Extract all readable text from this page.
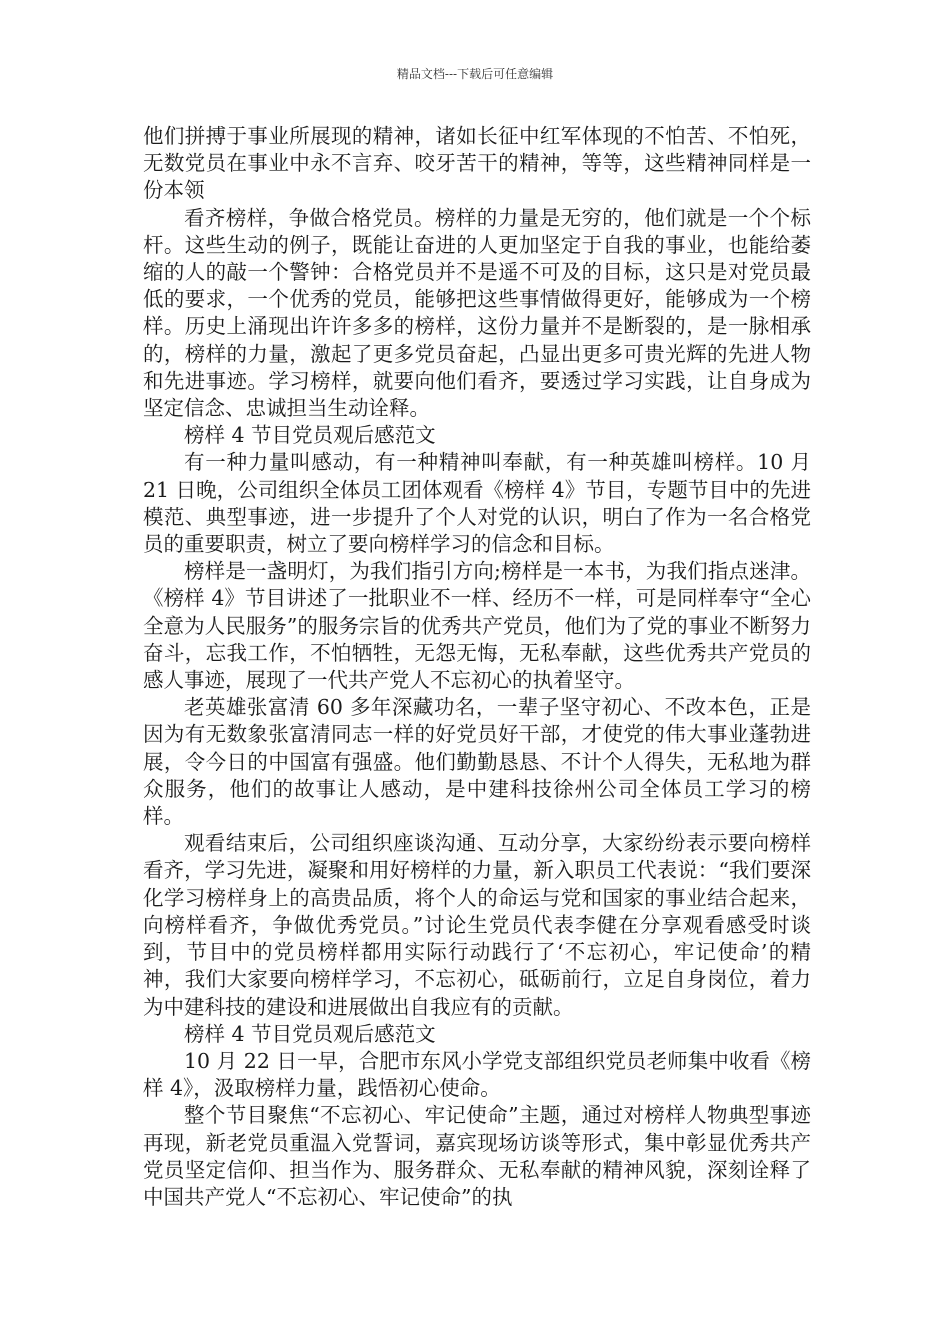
精品文档---下载后可任意编辑

他们拼搏于事业所展现的精神，诸如长征中红军体现的不怕苦、不怕死，无数党员在事业中永不言弃、咬牙苦干的精神，等等，这些精神同样是一份本领

看齐榜样，争做合格党员。榜样的力量是无穷的，他们就是一个个标杆。这些生动的例子，既能让奋进的人更加坚定于自我的事业，也能给萎缩的人的敲一个警钟：合格党员并不是遥不可及的目标，这只是对党员最低的要求，一个优秀的党员，能够把这些事情做得更好，能够成为一个榜样。历史上涌现出许许多多的榜样，这份力量并不是断裂的，是一脉相承的，榜样的力量，激起了更多党员奋起，凸显出更多可贵光辉的先进人物和先进事迹。学习榜样，就要向他们看齐，要透过学习实践，让自身成为坚定信念、忠诚担当生动诠释。

榜样 4 节目党员观后感范文

有一种力量叫感动，有一种精神叫奉献，有一种英雄叫榜样。10 月 21 日晚，公司组织全体员工团体观看《榜样 4》节目，专题节目中的先进模范、典型事迹，进一步提升了个人对党的认识，明白了作为一名合格党员的重要职责，树立了要向榜样学习的信念和目标。

榜样是一盏明灯，为我们指引方向;榜样是一本书，为我们指点迷津。《榜样 4》节目讲述了一批职业不一样、经历不一样，可是同样奉守“全心全意为人民服务”的服务宗旨的优秀共产党员，他们为了党的事业不断努力奋斗，忘我工作，不怕牺牲，无怨无悔，无私奉献，这些优秀共产党员的感人事迹，展现了一代共产党人不忘初心的执着坚守。

老英雄张富清 60 多年深藏功名，一辈子坚守初心、不改本色，正是因为有无数象张富清同志一样的好党员好干部，才使党的伟大事业蓬勃进展，令今日的中国富有强盛。他们勤勤恳恳、不计个人得失，无私地为群众服务，他们的故事让人感动，是中建科技徐州公司全体员工学习的榜样。

观看结束后，公司组织座谈沟通、互动分享，大家纷纷表示要向榜样看齐，学习先进，凝聚和用好榜样的力量，新入职员工代表说：“我们要深化学习榜样身上的高贵品质，将个人的命运与党和国家的事业结合起来，向榜样看齐，争做优秀党员。”讨论生党员代表李健在分享观看感受时谈到，节目中的党员榜样都用实际行动践行了‘不忘初心，牢记使命’的精神，我们大家要向榜样学习，不忘初心，砥砺前行，立足自身岗位，着力为中建科技的建设和进展做出自我应有的贡献。

榜样 4 节目党员观后感范文

10 月 22 日一早，合肥市东风小学党支部组织党员老师集中收看《榜样 4》，汲取榜样力量，践悟初心使命。

整个节目聚焦“不忘初心、牢记使命”主题，通过对榜样人物典型事迹再现，新老党员重温入党誓词，嘉宾现场访谈等形式，集中彰显优秀共产党员坚定信仰、担当作为、服务群众、无私奉献的精神风貌，深刻诠释了中国共产党人“不忘初心、牢记使命”的执
